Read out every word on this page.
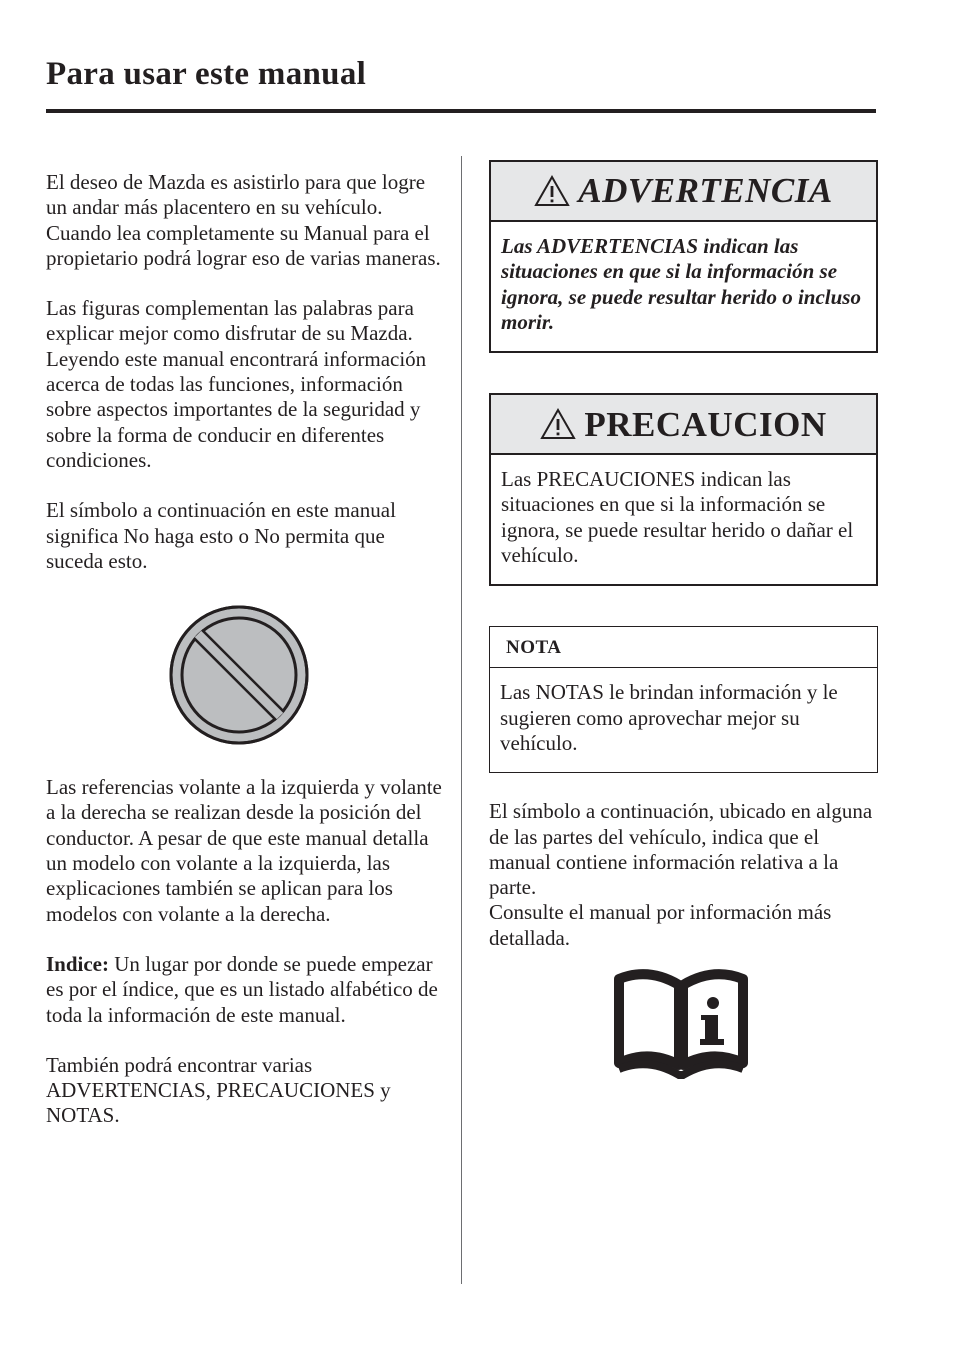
Para usar este manual

El deseo de Mazda es asistirlo para que logre un andar más placentero en su vehículo. Cuando lea completamente su Manual para el propietario podrá lograr eso de varias maneras.

Las figuras complementan las palabras para explicar mejor como disfrutar de su Mazda. Leyendo este manual encontrará información acerca de todas las funciones, información sobre aspectos importantes de la seguridad y sobre la forma de conducir en diferentes condiciones.

El símbolo a continuación en este manual significa No haga esto o No permita que suceda esto.

Las referencias volante a la izquierda y volante a la derecha se realizan desde la posición del conductor. A pesar de que este manual detalla un modelo con volante a la izquierda, las explicaciones también se aplican para los modelos con volante a la derecha.

Indice: Un lugar por donde se puede empezar es por el índice, que es un listado alfabético de toda la información de este manual.

También podrá encontrar varias ADVERTENCIAS, PRECAUCIONES y NOTAS.

ADVERTENCIA
Las ADVERTENCIAS indican las situaciones en que si la información se ignora, se puede resultar herido o incluso morir.
PRECAUCION
Las PRECAUCIONES indican las situaciones en que si la información se ignora, se puede resultar herido o dañar el vehículo.
NOTA
Las NOTAS le brindan información y le sugieren como aprovechar mejor su vehículo.
El símbolo a continuación, ubicado en alguna de las partes del vehículo, indica que el manual contiene información relativa a la parte.
Consulte el manual por información más detallada.
